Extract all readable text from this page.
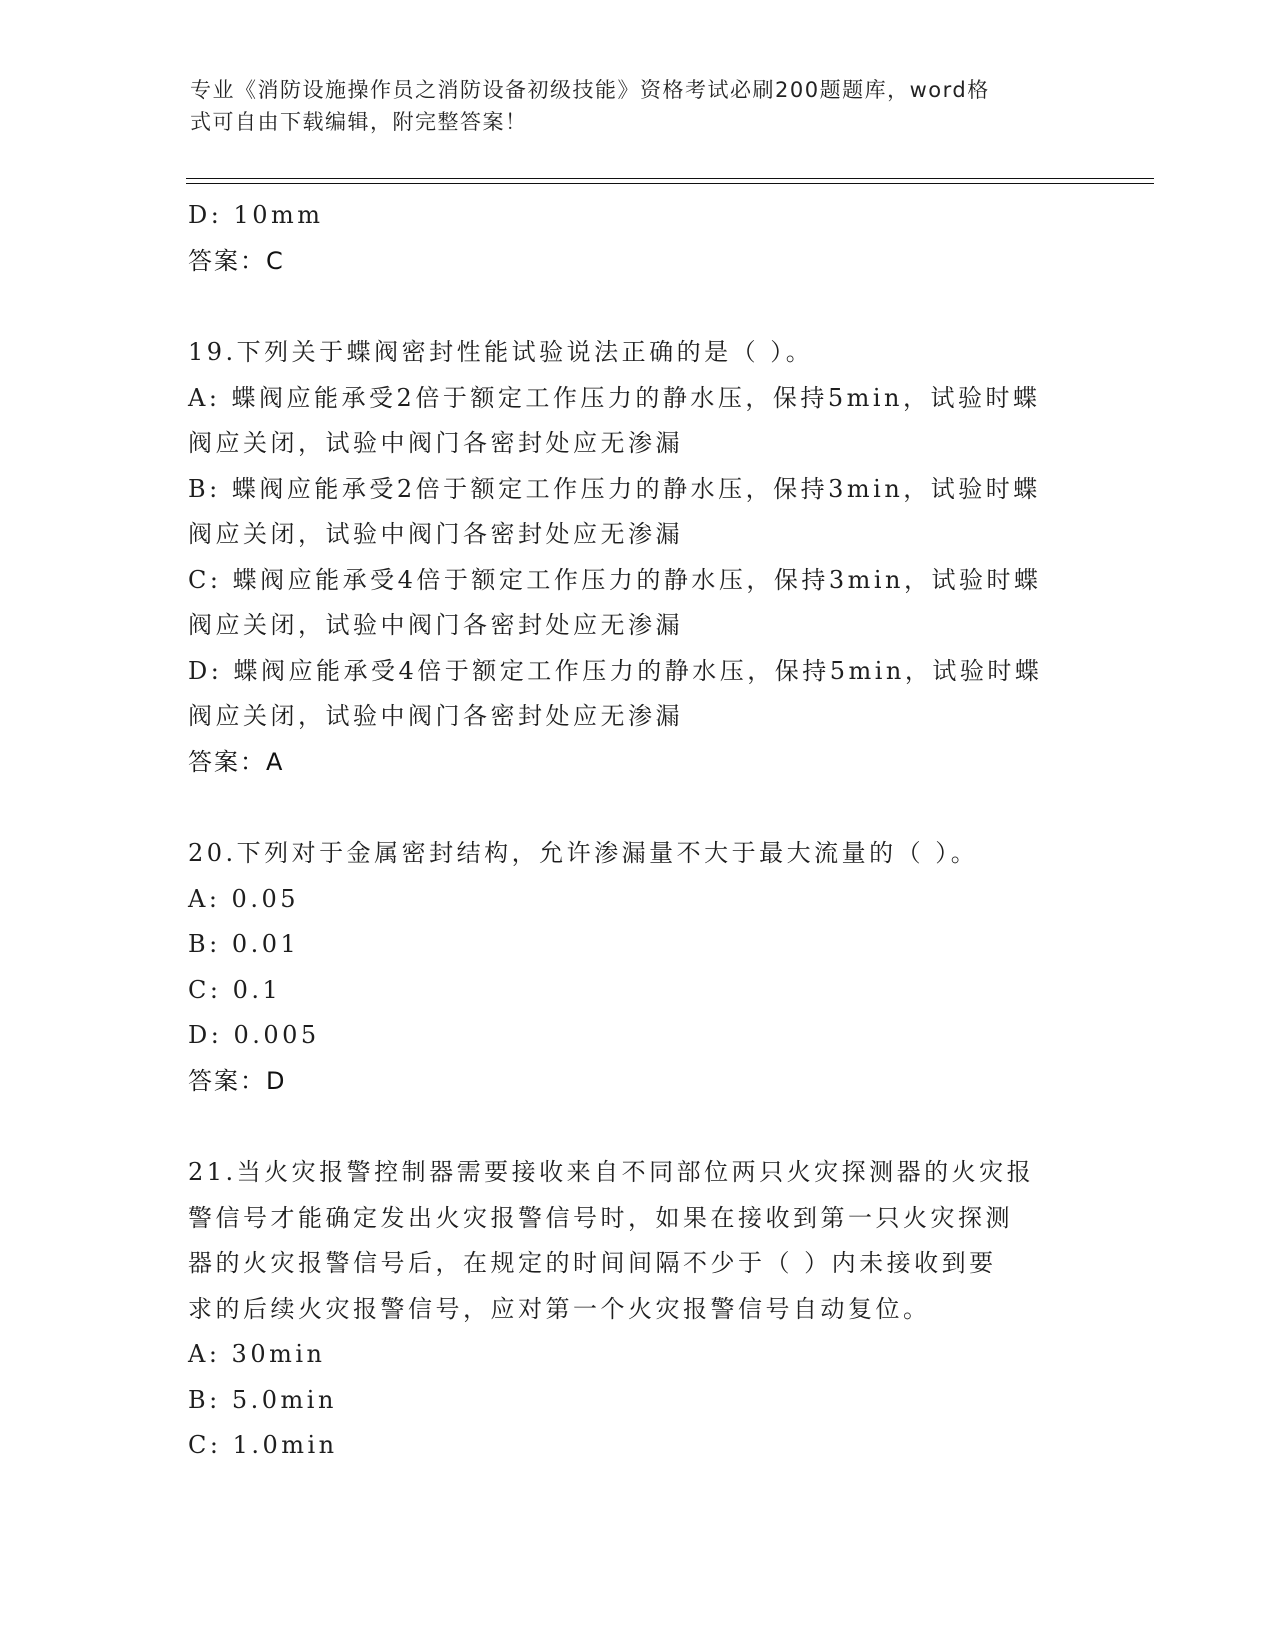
专业《消防设施操作员之消防设备初级技能》资格考试必刷200题题库，word格
式可自由下载编辑，附完整答案！
D: 10mm
答案：C
19.下列关于蝶阀密封性能试验说法正确的是（ ）。
A: 蝶阀应能承受2倍于额定工作压力的静水压，保持5min，试验时蝶
阀应关闭，试验中阀门各密封处应无渗漏
B: 蝶阀应能承受2倍于额定工作压力的静水压，保持3min，试验时蝶
阀应关闭，试验中阀门各密封处应无渗漏
C: 蝶阀应能承受4倍于额定工作压力的静水压，保持3min，试验时蝶
阀应关闭，试验中阀门各密封处应无渗漏
D: 蝶阀应能承受4倍于额定工作压力的静水压，保持5min，试验时蝶
阀应关闭，试验中阀门各密封处应无渗漏
答案：A
20.下列对于金属密封结构，允许渗漏量不大于最大流量的（ ）。
A: 0.05
B: 0.01
C: 0.1
D: 0.005
答案：D
21.当火灾报警控制器需要接收来自不同部位两只火灾探测器的火灾报
警信号才能确定发出火灾报警信号时，如果在接收到第一只火灾探测
器的火灾报警信号后，在规定的时间间隔不少于（ ）内未接收到要
求的后续火灾报警信号，应对第一个火灾报警信号自动复位。
A: 30min
B: 5.0min
C: 1.0min
